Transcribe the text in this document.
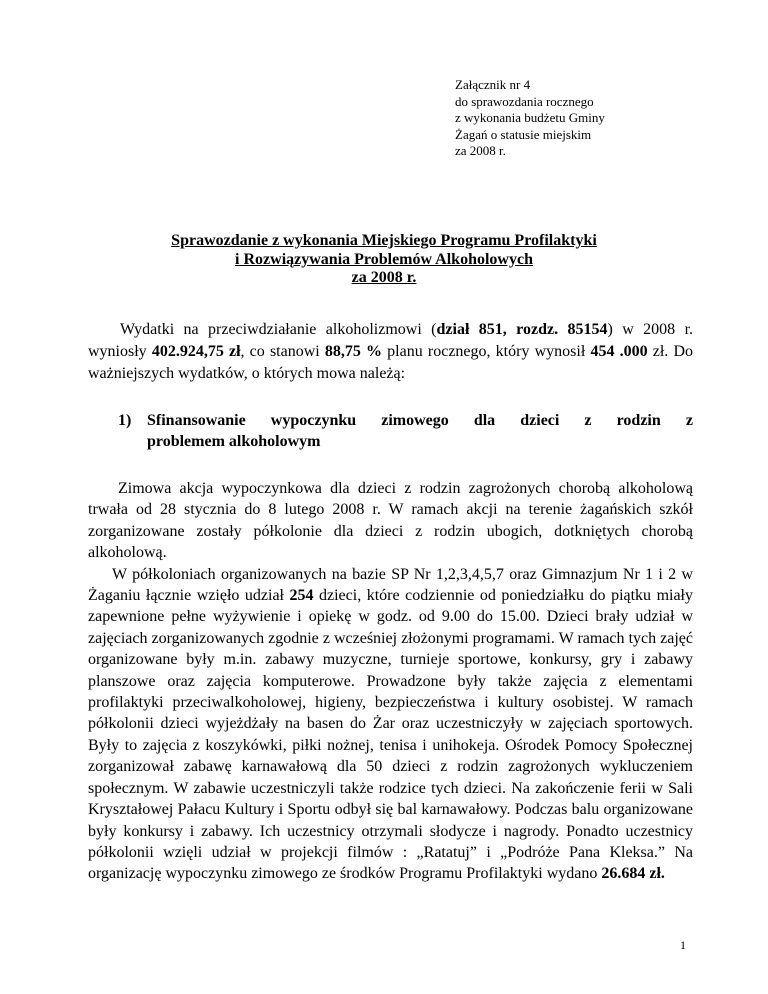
Załącznik nr 4
do sprawozdania rocznego
z wykonania budżetu Gminy
Żagań o statusie miejskim
za 2008 r.
Sprawozdanie z wykonania Miejskiego Programu Profilaktyki
i Rozwiązywania Problemów Alkoholowych
za 2008 r.
Wydatki na przeciwdziałanie alkoholizmowi (dział 851, rozdz. 85154) w 2008 r. wyniosły 402.924,75 zł, co stanowi 88,75 % planu rocznego, który wynosił 454 .000 zł. Do ważniejszych wydatków, o których mowa należą:
1) Sfinansowanie wypoczynku zimowego dla dzieci z rodzin z
problemem alkoholowym

Zimowa akcja wypoczynkowa dla dzieci z rodzin zagrożonych chorobą alkoholową trwała od 28 stycznia do 8 lutego 2008 r. W ramach akcji na terenie żagańskich szkół zorganizowane zostały półkolonie dla dzieci z rodzin ubogich, dotkniętych chorobą alkoholową.

W półkoloniach organizowanych na bazie SP Nr 1,2,3,4,5,7 oraz Gimnazjum Nr 1 i 2 w Żaganiu łącznie wzięło udział 254 dzieci, które codziennie od poniedziałku do piątku miały zapewnione pełne wyżywienie i opiekę w godz. od 9.00 do 15.00. Dzieci brały udział w zajęciach zorganizowanych zgodnie z wcześniej złożonymi programami. W ramach tych zajęć organizowane były m.in. zabawy muzyczne, turnieje sportowe, konkursy, gry i zabawy planszowe oraz zajęcia komputerowe. Prowadzone były także zajęcia z elementami profilaktyki przeciwalkoholowej, higieny, bezpieczeństwa i kultury osobistej. W ramach półkolonii dzieci wyjeżdżały na basen do Żar oraz uczestniczyły w zajęciach sportowych. Były to zajęcia z koszykówki, piłki nożnej, tenisa i unihokeja. Ośrodek Pomocy Społecznej zorganizował zabawę karnawałową dla 50 dzieci z rodzin zagrożonych wykluczeniem społecznym. W zabawie uczestniczyli także rodzice tych dzieci. Na zakończenie ferii w Sali Kryształowej Pałacu Kultury i Sportu odbył się bal karnawałowy. Podczas balu organizowane były konkursy i zabawy. Ich uczestnicy otrzymali słodycze i nagrody. Ponadto uczestnicy półkolonii wzięli udział w projekcji filmów : „Ratatuj” i „Podróże Pana Kleksa.” Na organizację wypoczynku zimowego ze środków Programu Profilaktyki wydano 26.684 zł.

1
